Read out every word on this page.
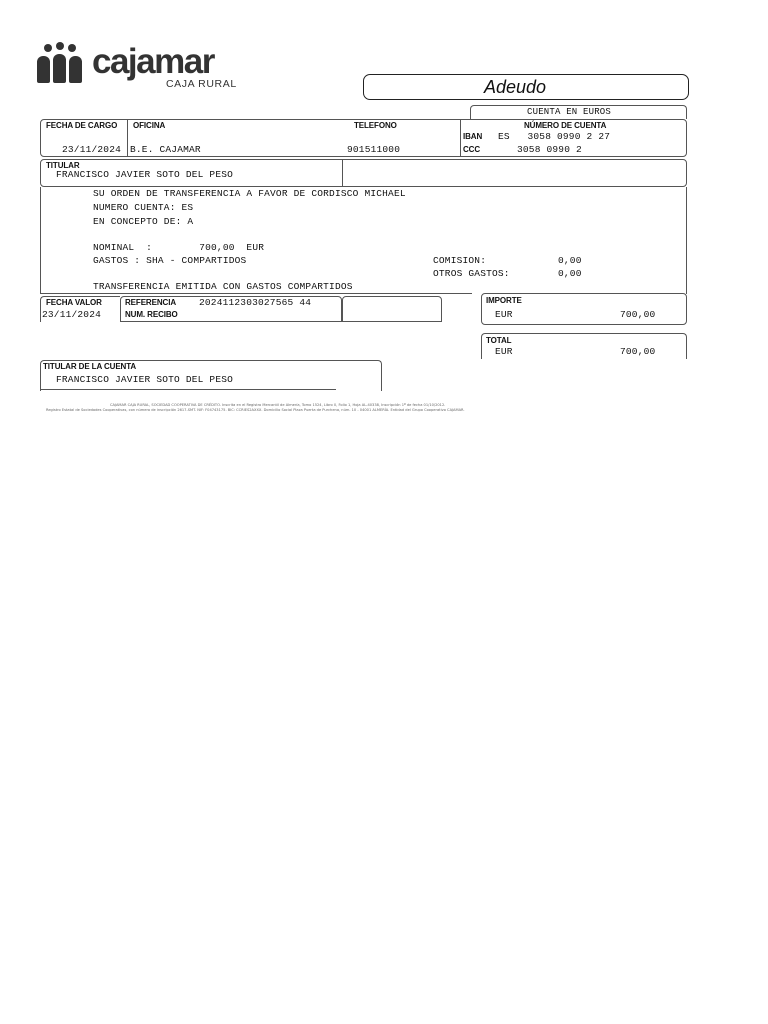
cajamar
CAJA RURAL	Adeudo
CUENTA EN EUROS
FECHA DE CARGO OFICINA	TELEFONO	NÚMERO DE CUENTA
IBAN ES   3058 0990 2 27
CCC	3058 0990 2
23/11/2024 B.E. CAJAMAR	901511000
TITULAR
FRANCISCO JAVIER SOTO DEL PESO
SU ORDEN DE TRANSFERENCIA A FAVOR DE CORDISCO MICHAEL
NUMERO CUENTA: ES
EN CONCEPTO DE: A
NOMINAL  :        700,00  EUR
GASTOS : SHA - COMPARTIDOS	COMISION:	0,00
OTROS GASTOS:	0,00
TRANSFERENCIA EMITIDA CON GASTOS COMPARTIDOS
FECHA VALOR
23/11/2024
REFERENCIA 2024112303027565 44
NUM. RECIBO
IMPORTE
EUR	700,00
TOTAL
EUR	700,00
TITULAR DE LA CUENTA
FRANCISCO JAVIER SOTO DEL PESO
CAJAMAR CAJA RURAL, SOCIEDAD COOPERATIVA DE CRÉDITO. Inscrita en el Registro Mercantil de Almería, Tomo 1524, Libro 0, Folio 1, Hoja AL-40338, Inscripción 1ª de fecha 01/10/2012.
Registro Estatal de Sociedades Cooperativas, con número de inscripción 2617-SMT. NIF: F04743175. BIC: CCRIES2AXXX. Domicilio Social Plaza Puerta de Purchena, núm. 10 - 04001 ALMERÍA. Entidad del Grupo Cooperativo CAJAMAR.
